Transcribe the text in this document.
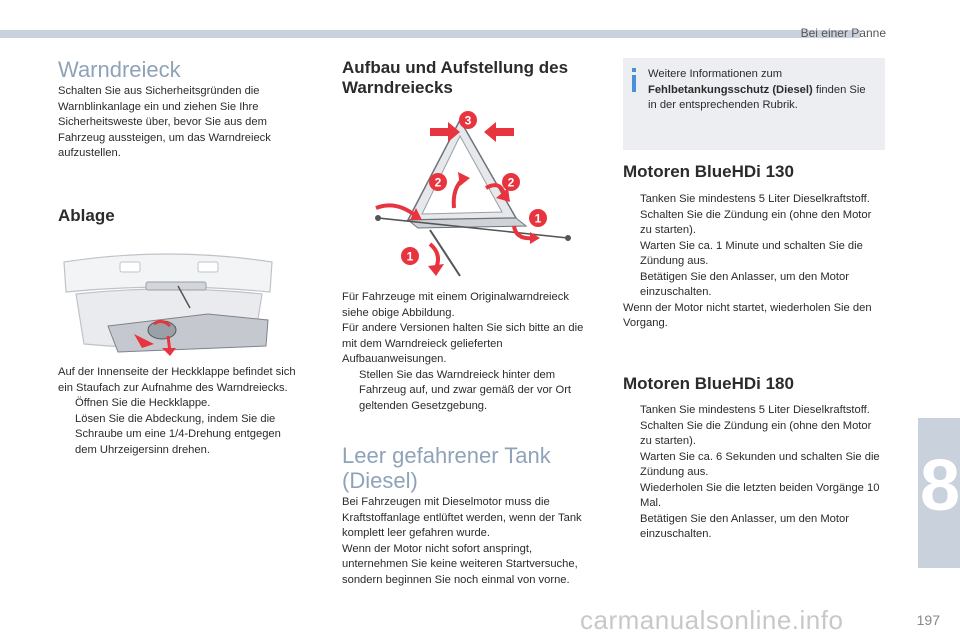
Bei einer Panne
8
Warndreieck

Schalten Sie aus Sicherheitsgründen die Warnblinkanlage ein und ziehen Sie Ihre Sicherheitsweste über, bevor Sie aus dem Fahrzeug aussteigen, um das Warndreieck aufzustellen.

Ablage

Auf der Innenseite der Heckklappe befindet sich ein Staufach zur Aufnahme des Warndreiecks.

Öffnen Sie die Heckklappe.
Lösen Sie die Abdeckung, indem Sie die Schraube um eine 1/4-Drehung entgegen dem Uhrzeigersinn drehen.
Aufbau und Aufstellung des Warndreiecks

Für Fahrzeuge mit einem Originalwarndreieck siehe obige Abbildung.

Für andere Versionen halten Sie sich bitte an die mit dem Warndreieck gelieferten Aufbauanweisungen.

Stellen Sie das Warndreieck hinter dem Fahrzeug auf, und zwar gemäß der vor Ort geltenden Gesetzgebung.
Leer gefahrener Tank (Diesel)

Bei Fahrzeugen mit Dieselmotor muss die Kraftstoffanlage entlüftet werden, wenn der Tank komplett leer gefahren wurde.

Wenn der Motor nicht sofort anspringt, unternehmen Sie keine weiteren Startversuche, sondern beginnen Sie noch einmal von vorne.

3
2	2
1
1
Weitere Informationen zum Fehlbetankungsschutz (Diesel) finden Sie in der entsprechenden Rubrik.
Motoren BlueHDi 130
Tanken Sie mindestens 5 Liter Dieselkraftstoff.
Schalten Sie die Zündung ein (ohne den Motor zu starten).
Warten Sie ca. 1 Minute und schalten Sie die Zündung aus.
Betätigen Sie den Anlasser, um den Motor einzuschalten.

Wenn der Motor nicht startet, wiederholen Sie den Vorgang.

Motoren BlueHDi 180
Tanken Sie mindestens 5 Liter Dieselkraftstoff.
Schalten Sie die Zündung ein (ohne den Motor zu starten).
Warten Sie ca. 6 Sekunden und schalten Sie die Zündung aus.
Wiederholen Sie die letzten beiden Vorgänge 10 Mal.
Betätigen Sie den Anlasser, um den Motor einzuschalten.
carmanualsonline.info	197
